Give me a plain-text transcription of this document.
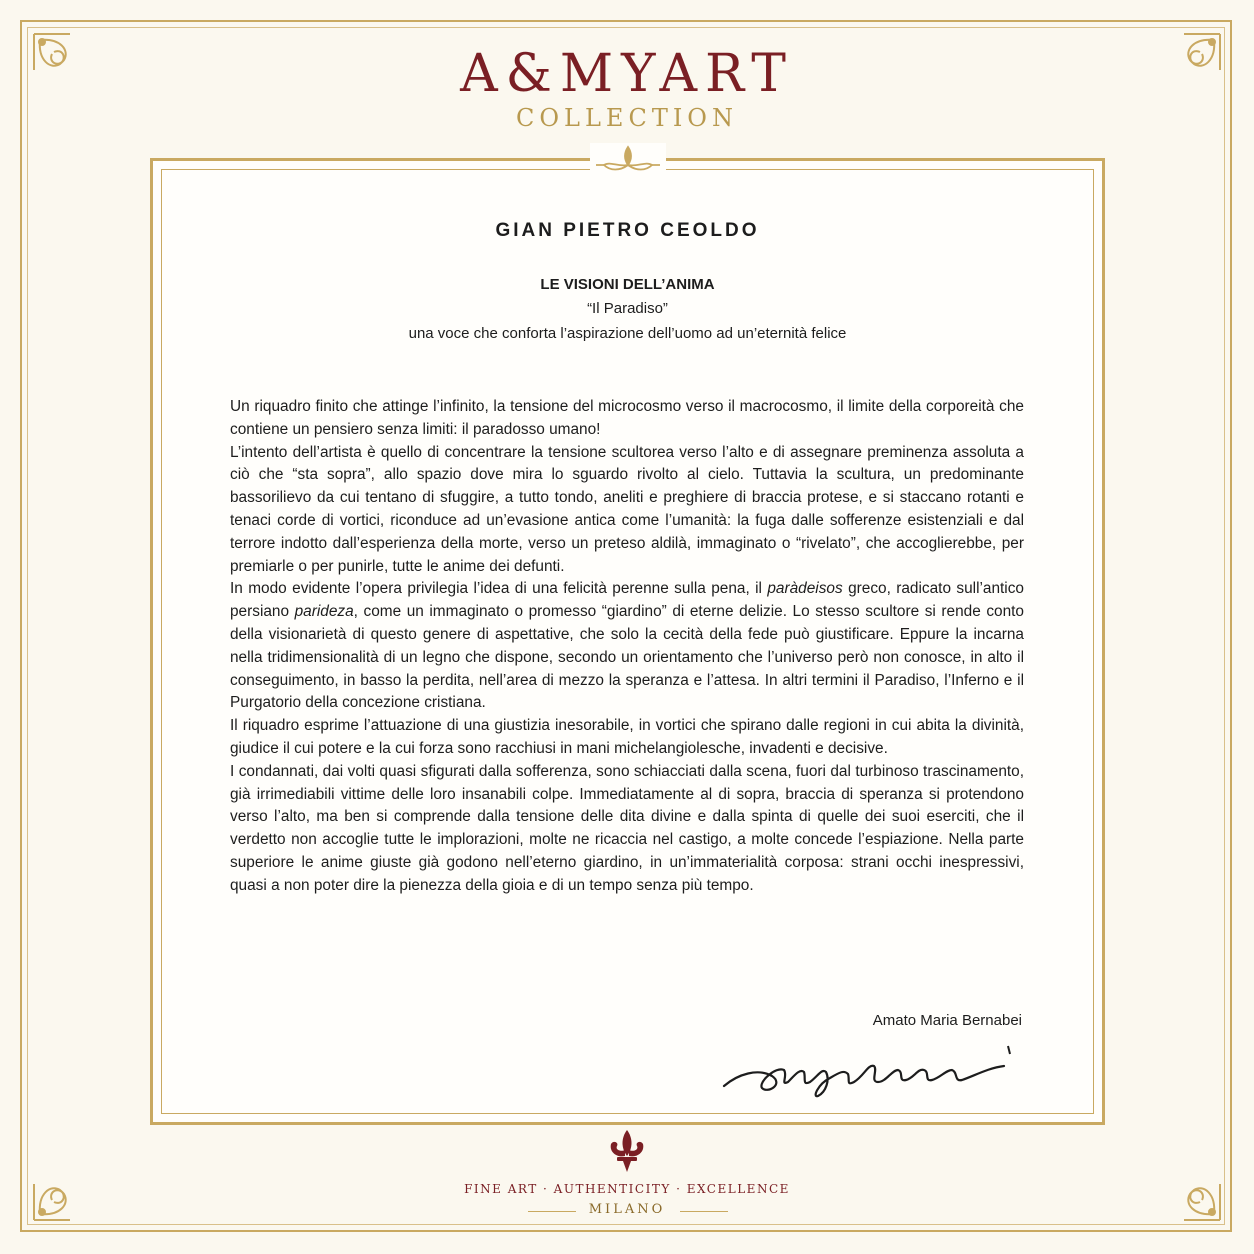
A&MYART
COLLECTION
GIAN PIETRO CEOLDO
LE VISIONI DELL’ANIMA
“Il Paradiso”
una voce che conforta l’aspirazione dell’uomo ad un’eternità felice

Un riquadro finito che attinge l’infinito, la tensione del microcosmo verso il macrocosmo, il limite della corporeità che contiene un pensiero senza limiti: il paradosso umano!

L’intento dell’artista è quello di concentrare la tensione scultorea verso l’alto e di assegnare preminenza assoluta a ciò che “sta sopra”, allo spazio dove mira lo sguardo rivolto al cielo. Tuttavia la scultura, un predominante bassorilievo da cui tentano di sfuggire, a tutto tondo, aneliti e preghiere di braccia protese, e si staccano rotanti e tenaci corde di vortici, riconduce ad un’evasione antica come l’umanità: la fuga dalle sofferenze esistenziali e dal terrore indotto dall’esperienza della morte, verso un preteso aldilà, immaginato o “rivelato”, che accoglierebbe, per premiarle o per punirle, tutte le anime dei defunti.

In modo evidente l’opera privilegia l’idea di una felicità perenne sulla pena, il paràdeisos greco, radicato sull’antico persiano parideza, come un immaginato o promesso “giardino” di eterne delizie. Lo stesso scultore si rende conto della visionarietà di questo genere di aspettative, che solo la cecità della fede può giustificare. Eppure la incarna nella tridimensionalità di un legno che dispone, secondo un orientamento che l’universo però non conosce, in alto il conseguimento, in basso la perdita, nell’area di mezzo la speranza e l’attesa. In altri termini il Paradiso, l’Inferno e il Purgatorio della concezione cristiana.

Il riquadro esprime l’attuazione di una giustizia inesorabile, in vortici che spirano dalle regioni in cui abita la divinità, giudice il cui potere e la cui forza sono racchiusi in mani michelangiolesche, invadenti e decisive.

I condannati, dai volti quasi sfigurati dalla sofferenza, sono schiacciati dalla scena, fuori dal turbinoso trascinamento, già irrimediabili vittime delle loro insanabili colpe. Immediatamente al di sopra, braccia di speranza si protendono verso l’alto, ma ben si comprende dalla tensione delle dita divine e dalla spinta di quelle dei suoi eserciti, che il verdetto non accoglie tutte le implorazioni, molte ne ricaccia nel castigo, a molte concede l’espiazione. Nella parte superiore le anime giuste già godono nell’eterno giardino, in un’immaterialità corposa: strani occhi inespressivi, quasi a non poter dire la pienezza della gioia e di un tempo senza più tempo.

Amato Maria Bernabei
FINE ART · AUTHENTICITY · EXCELLENCE
MILANO
